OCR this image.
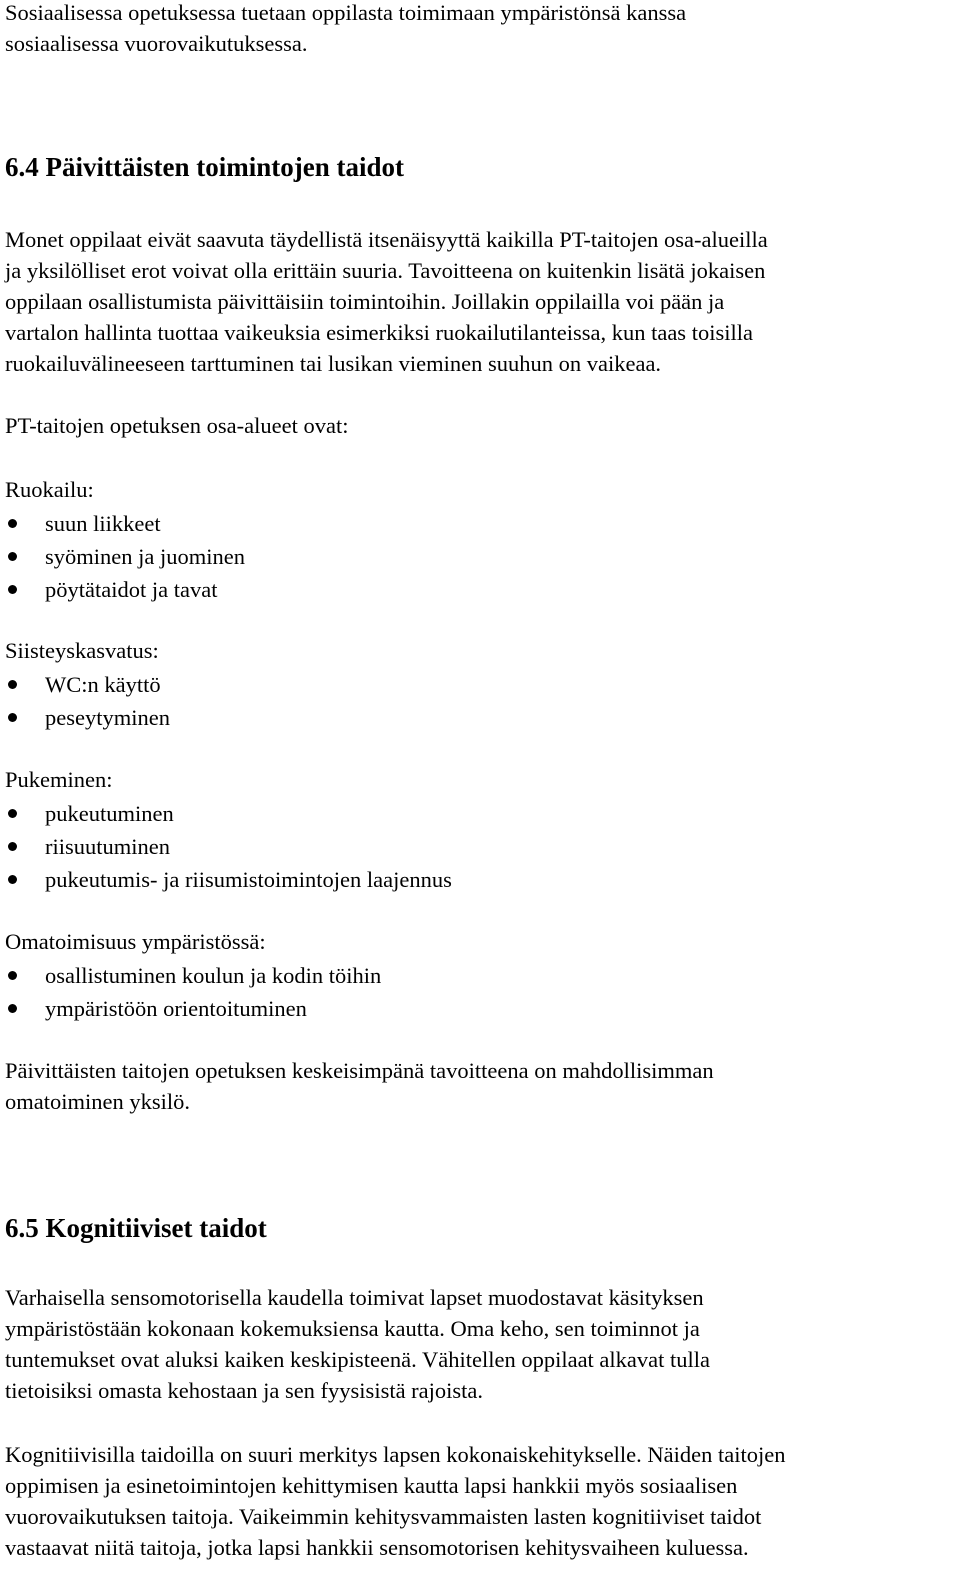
Sosiaalisessa opetuksessa tuetaan oppilasta toimimaan ympäristönsä kanssa
sosiaalisessa vuorovaikutuksessa.
6.4 Päivittäisten toimintojen taidot
Monet oppilaat eivät saavuta täydellistä itsenäisyyttä kaikilla PT-taitojen osa-alueilla
ja yksilölliset erot voivat olla erittäin suuria. Tavoitteena on kuitenkin lisätä jokaisen
oppilaan osallistumista päivittäisiin toimintoihin. Joillakin oppilailla voi pään ja
vartalon hallinta tuottaa vaikeuksia esimerkiksi ruokailutilanteissa, kun taas toisilla
ruokailuvälineeseen tarttuminen tai lusikan vieminen suuhun on vaikeaa.
PT-taitojen opetuksen osa-alueet ovat:
Ruokailu:
suun liikkeet
syöminen ja juominen
pöytätaidot ja tavat
Siisteyskasvatus:
WC:n käyttö
peseytyminen
Pukeminen:
pukeutuminen
riisuutuminen
pukeutumis- ja riisumistoimintojen laajennus
Omatoimisuus ympäristössä:
osallistuminen koulun ja kodin töihin
ympäristöön orientoituminen
Päivittäisten taitojen opetuksen keskeisimpänä tavoitteena on mahdollisimman
omatoiminen yksilö.
6.5 Kognitiiviset taidot
Varhaisella sensomotorisella kaudella toimivat lapset muodostavat käsityksen
ympäristöstään kokonaan kokemuksiensa kautta. Oma keho, sen toiminnot ja
tuntemukset ovat aluksi kaiken keskipisteenä. Vähitellen oppilaat alkavat tulla
tietoisiksi omasta kehostaan ja sen fyysisistä rajoista.
Kognitiivisilla taidoilla on suuri merkitys lapsen kokonaiskehitykselle. Näiden taitojen
oppimisen ja esinetoimintojen kehittymisen kautta lapsi hankkii myös sosiaalisen
vuorovaikutuksen taitoja. Vaikeimmin kehitysvammaisten lasten kognitiiviset taidot
vastaavat niitä taitoja, jotka lapsi hankkii sensomotorisen kehitysvaiheen kuluessa.
